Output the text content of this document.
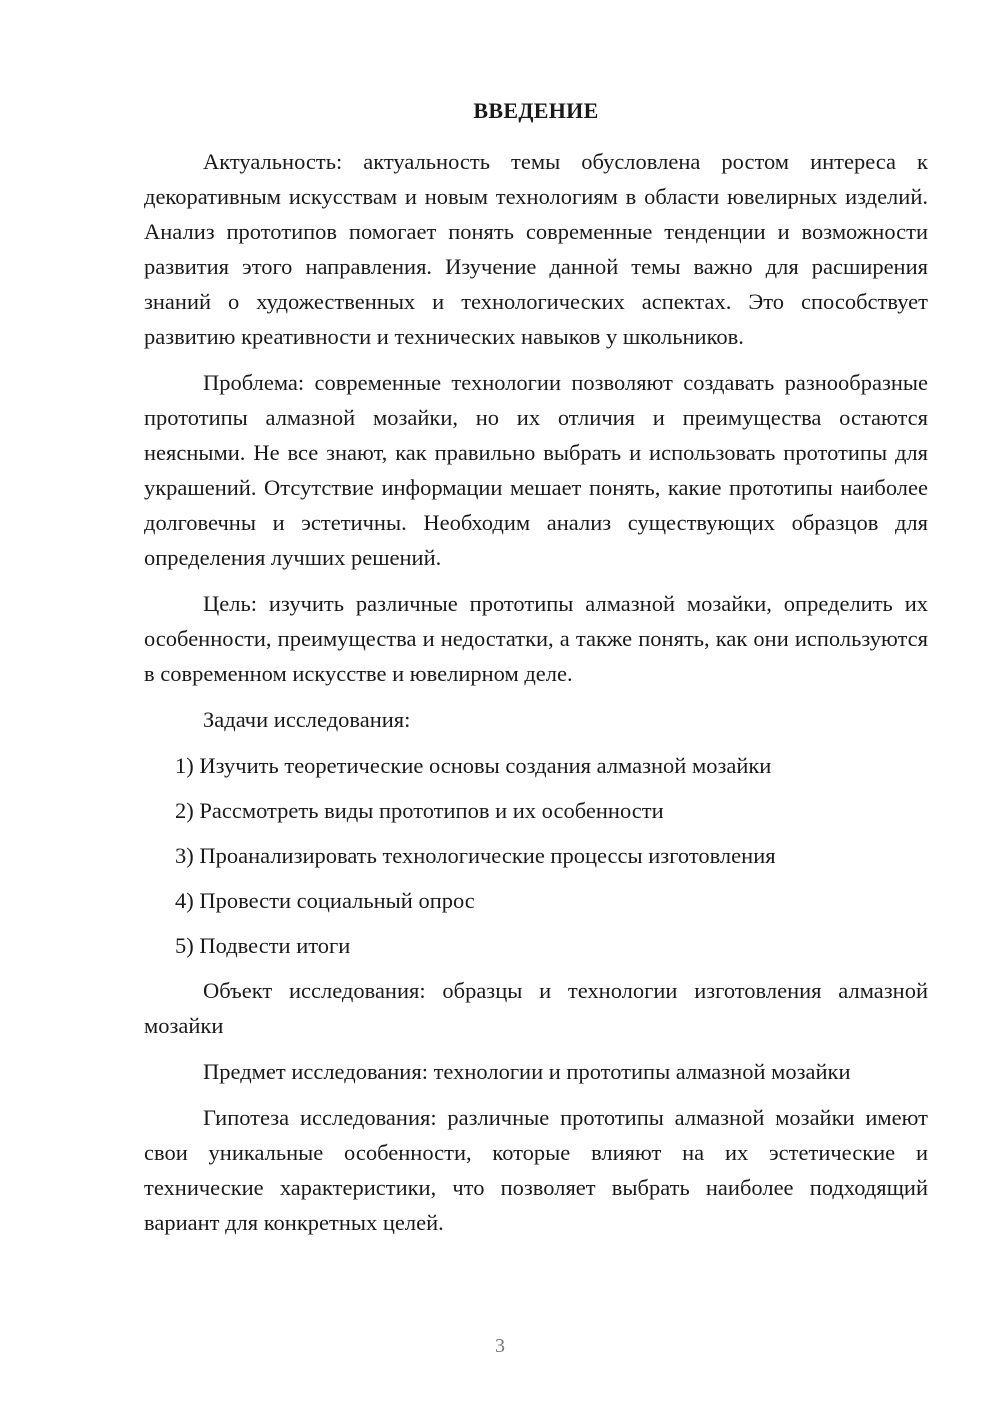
ВВЕДЕНИЕ

Актуальность: актуальность темы обусловлена ростом интереса к декоративным искусствам и новым технологиям в области ювелирных изделий. Анализ прототипов помогает понять современные тенденции и возможности развития этого направления. Изучение данной темы важно для расширения знаний о художественных и технологических аспектах. Это способствует развитию креативности и технических навыков у школьников.

Проблема: современные технологии позволяют создавать разнообразные прототипы алмазной мозайки, но их отличия и преимущества остаются неясными. Не все знают, как правильно выбрать и использовать прототипы для украшений. Отсутствие информации мешает понять, какие прототипы наиболее долговечны и эстетичны. Необходим анализ существующих образцов для определения лучших решений.

Цель: изучить различные прототипы алмазной мозайки, определить их особенности, преимущества и недостатки, а также понять, как они используются в современном искусстве и ювелирном деле.

Задачи исследования:

1) Изучить теоретические основы создания алмазной мозайки
2) Рассмотреть виды прототипов и их особенности
3) Проанализировать технологические процессы изготовления
4) Провести социальный опрос
5) Подвести итоги

Объект исследования: образцы и технологии изготовления алмазной мозайки

Предмет исследования: технологии и прототипы алмазной мозайки

Гипотеза исследования: различные прототипы алмазной мозайки имеют свои уникальные особенности, которые влияют на их эстетические и технические характеристики, что позволяет выбрать наиболее подходящий вариант для конкретных целей.

3
